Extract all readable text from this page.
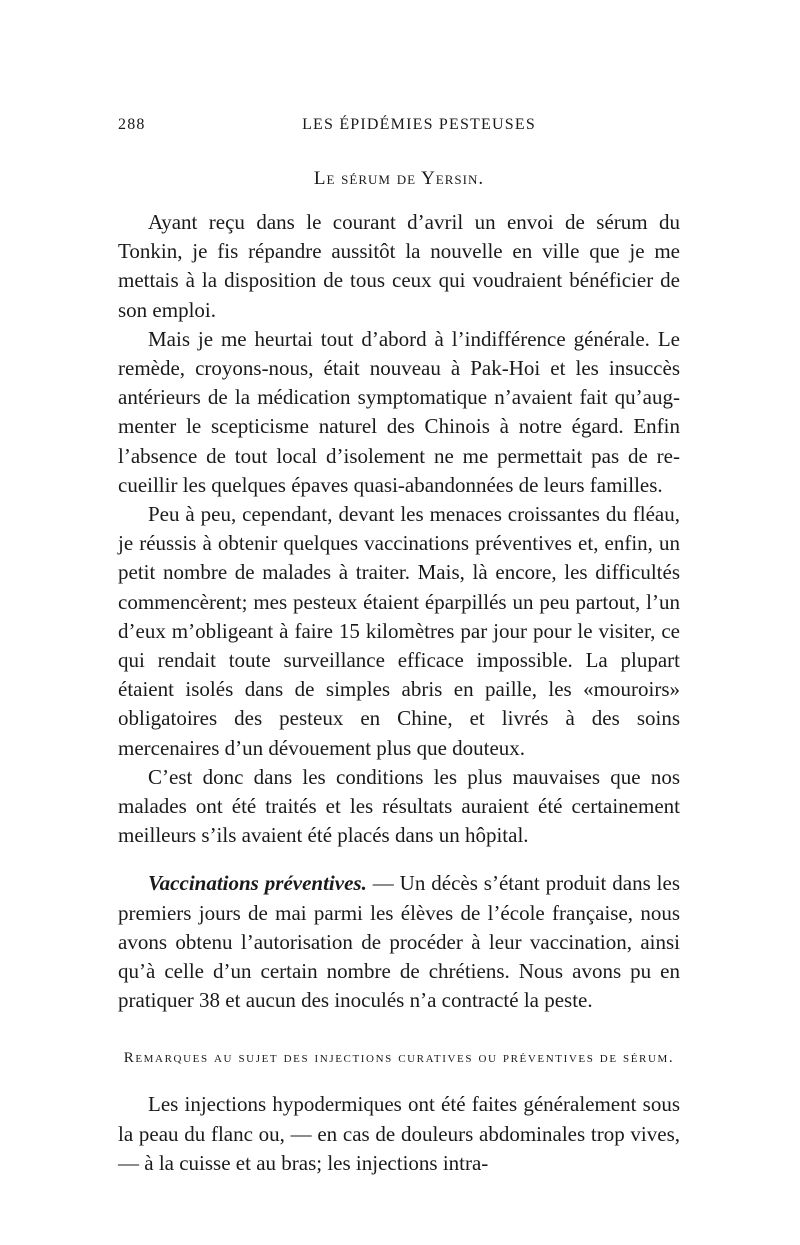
288	LES ÉPIDÉMIES PESTEUSES
Le sérum de Yersin.

Ayant reçu dans le courant d’avril un envoi de sérum du Tonkin, je fis répandre aussitôt la nouvelle en ville que je me mettais à la disposition de tous ceux qui voudraient bénéficier de son emploi.

Mais je me heurtai tout d’abord à l’indifférence générale. Le remède, croyons-nous, était nouveau à Pak-Hoi et les insuccès antérieurs de la médication symptomatique n’avaient fait qu’augmenter le scepticisme naturel des Chinois à notre égard. Enfin l’absence de tout local d’isolement ne me permettait pas de recueillir les quelques épaves quasi-abandonnées de leurs familles.

Peu à peu, cependant, devant les menaces croissantes du fléau, je réussis à obtenir quelques vaccinations préventives et, enfin, un petit nombre de malades à traiter. Mais, là encore, les difficultés commencèrent; mes pesteux étaient éparpillés un peu partout, l’un d’eux m’obligeant à faire 15 kilomètres par jour pour le visiter, ce qui rendait toute surveillance efficace impossible. La plupart étaient isolés dans de simples abris en paille, les «mouroirs» obligatoires des pesteux en Chine, et livrés à des soins mercenaires d’un dévouement plus que douteux.

C’est donc dans les conditions les plus mauvaises que nos malades ont été traités et les résultats auraient été certainement meilleurs s’ils avaient été placés dans un hôpital.

Vaccinations préventives. — Un décès s’étant produit dans les premiers jours de mai parmi les élèves de l’école française, nous avons obtenu l’autorisation de procéder à leur vaccination, ainsi qu’à celle d’un certain nombre de chrétiens. Nous avons pu en pratiquer 38 et aucun des inoculés n’a contracté la peste.

Remarques au sujet des injections curatives ou préventives de sérum.

Les injections hypodermiques ont été faites généralement sous la peau du flanc ou, — en cas de douleurs abdominales trop vives, — à la cuisse et au bras; les injections intra-
